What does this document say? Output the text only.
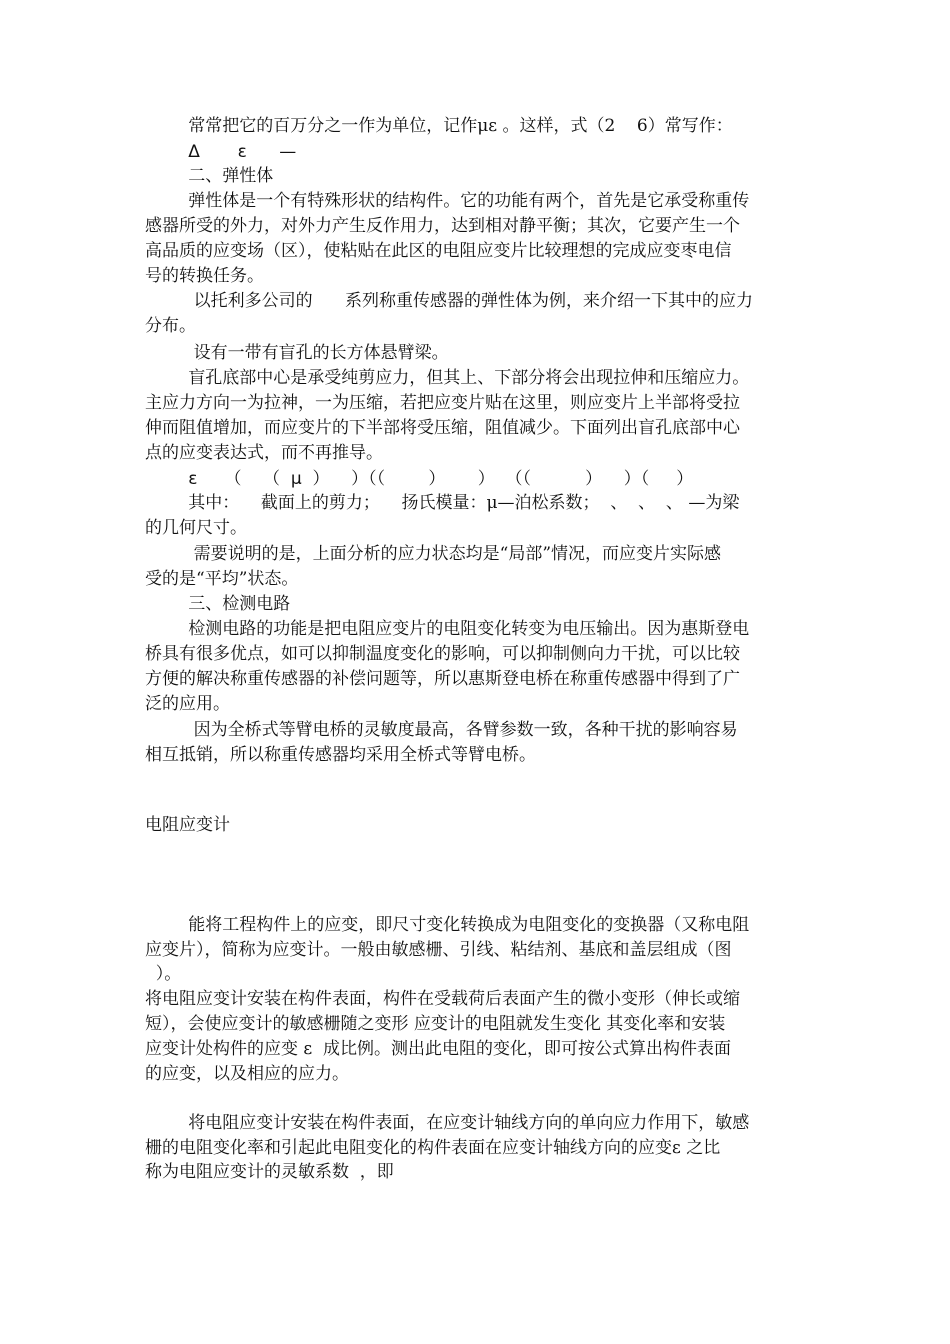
常常把它的百万分之一作为单位，记作με 。这样，式（2    6）常写作：
Δ       ε      —
二、弹性体
弹性体是一个有特殊形状的结构件。它的功能有两个，首先是它承受称重传
感器所受的外力，对外力产生反作用力，达到相对静平衡；其次，它要产生一个
高品质的应变场（区），使粘贴在此区的电阻应变片比较理想的完成应变枣电信
号的转换任务。
以托利多公司的      系列称重传感器的弹性体为例，来介绍一下其中的应力
分布。
设有一带有盲孔的长方体悬臂梁。
盲孔底部中心是承受纯剪应力，但其上、下部分将会出现拉伸和压缩应力。
主应力方向一为拉神，一为压缩，若把应变片贴在这里，则应变片上半部将受拉
伸而阻值增加，而应变片的下半部将受压缩，阻值减少。下面列出盲孔底部中心
点的应变表达式，而不再推导。
ε     （    （  μ  ）    ）（（        ）      ）  （（          ）    ）（     ）
其中：    截面上的剪力；    扬氏模量：μ—泊松系数；  、  、  、 —为梁
的几何尺寸。
需要说明的是，上面分析的应力状态均是“局部”情况，而应变片实际感
受的是“平均”状态。
三、检测电路
检测电路的功能是把电阻应变片的电阻变化转变为电压输出。因为惠斯登电
桥具有很多优点，如可以抑制温度变化的影响，可以抑制侧向力干扰，可以比较
方便的解决称重传感器的补偿问题等，所以惠斯登电桥在称重传感器中得到了广
泛的应用。
因为全桥式等臂电桥的灵敏度最高，各臂参数一致，各种干扰的影响容易
相互抵销，所以称重传感器均采用全桥式等臂电桥。
电阻应变计
能将工程构件上的应变，即尺寸变化转换成为电阻变化的变换器（又称电阻
应变片），简称为应变计。一般由敏感栅、引线、粘结剂、基底和盖层组成（图
）。
将电阻应变计安装在构件表面，构件在受载荷后表面产生的微小变形（伸长或缩
短），会使应变计的敏感栅随之变形 应变计的电阻就发生变化 其变化率和安装
应变计处构件的应变 ε  成比例。测出此电阻的变化，即可按公式算出构件表面
的应变，以及相应的应力。
将电阻应变计安装在构件表面，在应变计轴线方向的单向应力作用下，敏感
栅的电阻变化率和引起此电阻变化的构件表面在应变计轴线方向的应变ε 之比
称为电阻应变计的灵敏系数  ，即
